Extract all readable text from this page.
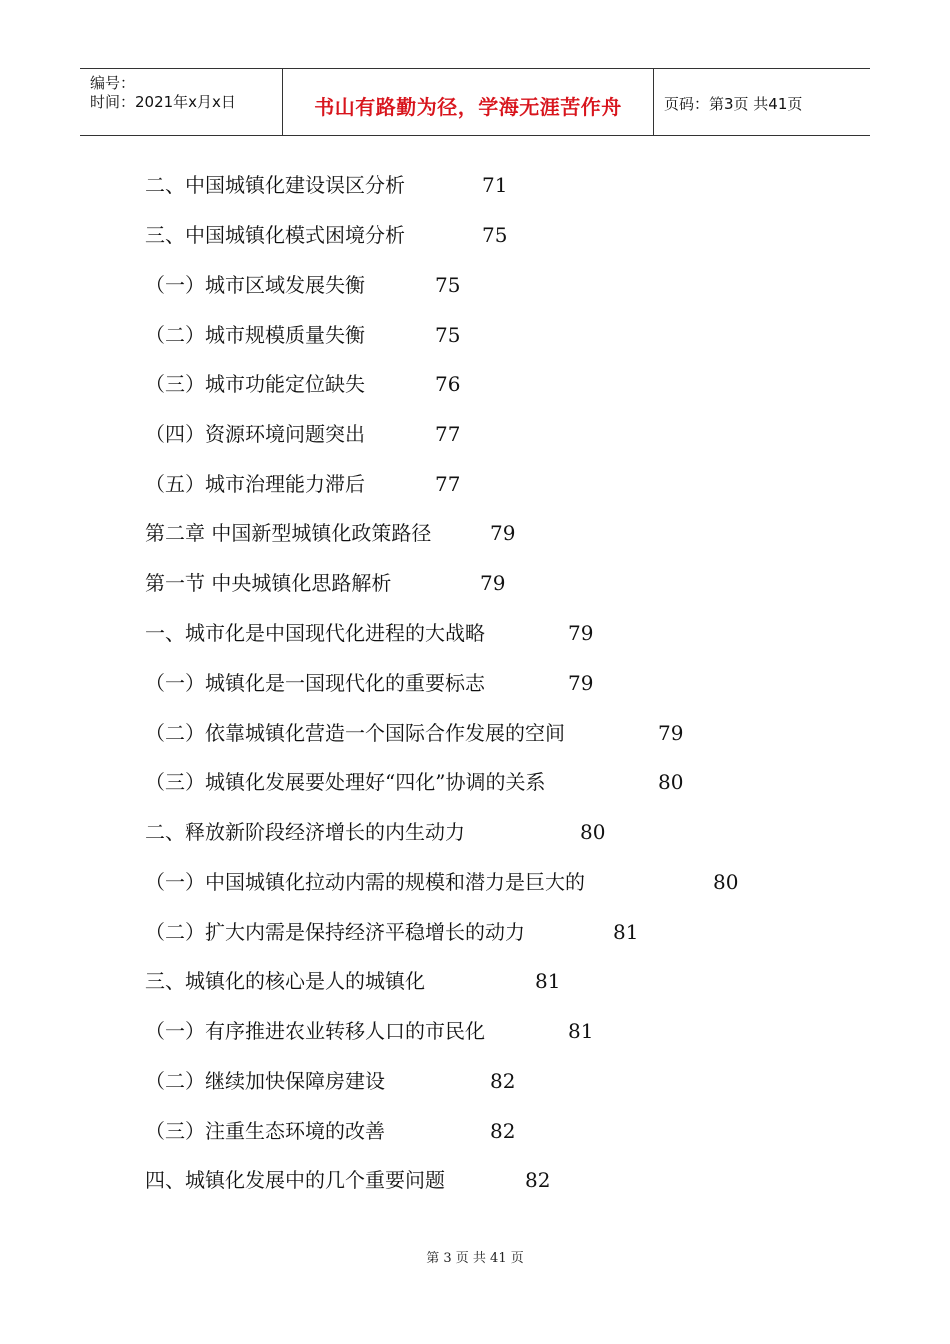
编号：
时间：2021年x月x日	书山有路勤为径，学海无涯苦作舟	页码：第3页 共41页
二、中国城镇化建设误区分析	71
三、中国城镇化模式困境分析	75
（一）城市区域发展失衡	75
（二）城市规模质量失衡	75
（三）城市功能定位缺失	76
（四）资源环境问题突出	77
（五）城市治理能力滞后	77
第二章 中国新型城镇化政策路径	79
第一节 中央城镇化思路解析	79
一、城市化是中国现代化进程的大战略	79
（一）城镇化是一国现代化的重要标志	79
（二）依靠城镇化营造一个国际合作发展的空间	79
（三）城镇化发展要处理好“四化”协调的关系	80
二、释放新阶段经济增长的内生动力	80
（一）中国城镇化拉动内需的规模和潜力是巨大的	80
（二）扩大内需是保持经济平稳增长的动力	81
三、城镇化的核心是人的城镇化	81
（一）有序推进农业转移人口的市民化	81
（二）继续加快保障房建设	82
（三）注重生态环境的改善	82
四、城镇化发展中的几个重要问题	82
第 3 页 共 41 页
